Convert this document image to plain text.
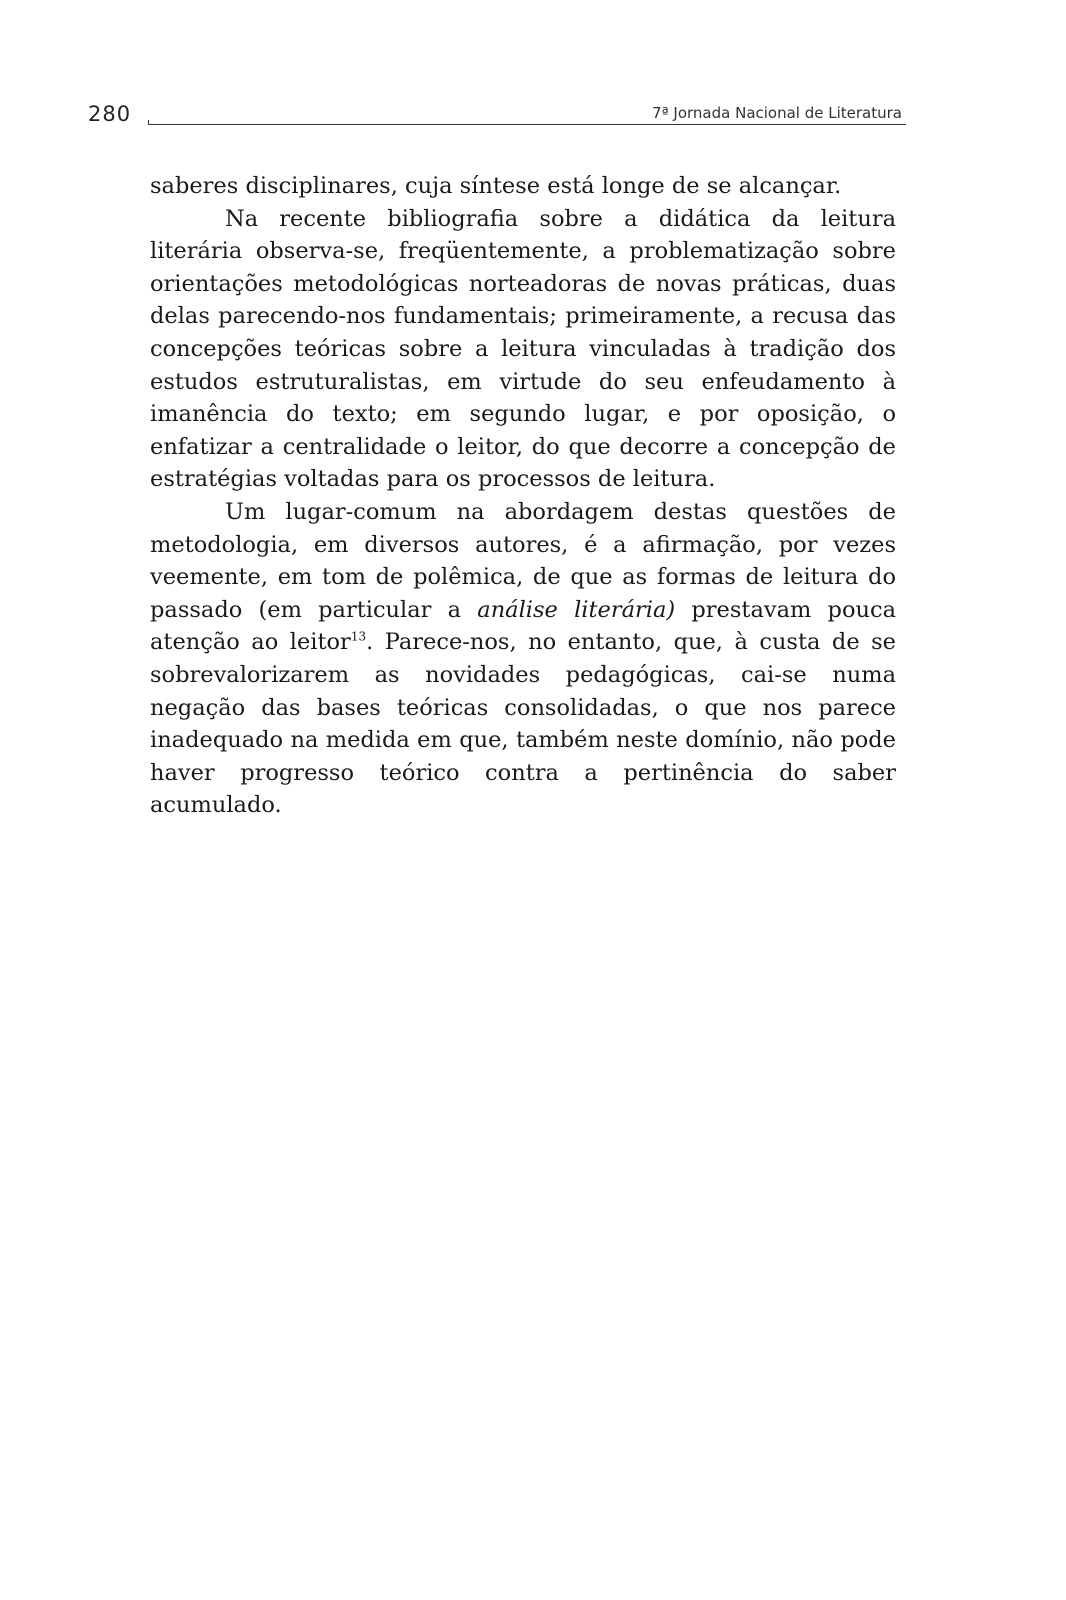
280	7ª Jornada Nacional de Literatura

saberes disciplinares, cuja síntese está longe de se alcançar.

Na recente bibliografia sobre a didática da leitura literária observa-se, freqüentemente, a problematização sobre orientações metodológicas norteadoras de novas práticas, duas delas parecendo-nos fundamentais; primeiramente, a recusa das concepções teóricas sobre a leitura vinculadas à tradição dos estudos estruturalistas, em virtude do seu enfeudamento à imanência do texto; em segundo lugar, e por oposição, o enfatizar a centralidade o leitor, do que decorre a concepção de estratégias voltadas para os processos de leitura.

Um lugar-comum na abordagem destas questões de metodologia, em diversos autores, é a afirmação, por vezes veemente, em tom de polêmica, de que as formas de leitura do passado (em particular a análise literária) prestavam pouca atenção ao leitor$^{13}$. Parece-nos, no entanto, que, à custa de se sobrevalorizarem as novidades pedagógicas, cai-se numa negação das bases teóricas consolidadas, o que nos parece inadequado na medida em que, também neste domínio, não pode haver progresso teórico contra a pertinência do saber acumulado.
